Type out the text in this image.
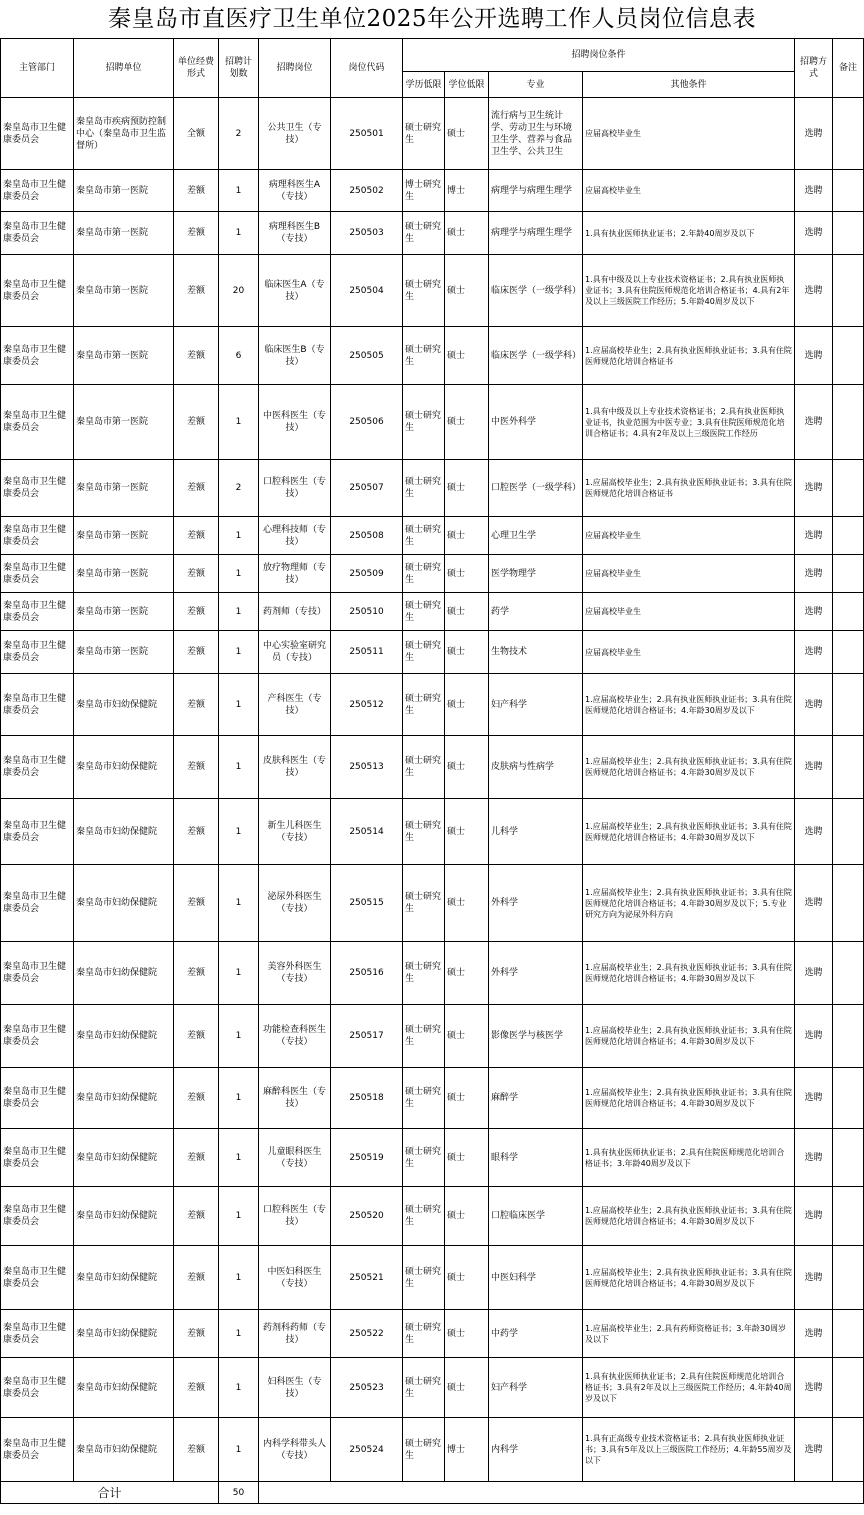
秦皇岛市直医疗卫生单位2025年公开选聘工作人员岗位信息表
主管部门	招聘单位	单位经费形式	招聘计划数	招聘岗位	岗位代码	招聘岗位条件				招聘方式	备注
						学历低限	学位低限	专业	其他条件		
秦皇岛市卫生健康委员会	秦皇岛市疾病预防控制中心（秦皇岛市卫生监督所）	全额	2	公共卫生（专技）	250501	硕士研究生	硕士	流行病与卫生统计学、劳动卫生与环境卫生学、营养与食品卫生学、公共卫生	应届高校毕业生	选聘	
秦皇岛市卫生健康委员会	秦皇岛市第一医院	差额	1	病理科医生A（专技）	250502	博士研究生	博士	病理学与病理生理学	应届高校毕业生	选聘	
秦皇岛市卫生健康委员会	秦皇岛市第一医院	差额	1	病理科医生B（专技）	250503	硕士研究生	硕士	病理学与病理生理学	1.具有执业医师执业证书；2.年龄40周岁及以下	选聘	
秦皇岛市卫生健康委员会	秦皇岛市第一医院	差额	20	临床医生A（专技）	250504	硕士研究生	硕士	临床医学（一级学科）	1.具有中级及以上专业技术资格证书；2.具有执业医师执业证书；3.具有住院医师规范化培训合格证书；4.具有2年及以上三级医院工作经历；5.年龄40周岁及以下	选聘	
秦皇岛市卫生健康委员会	秦皇岛市第一医院	差额	6	临床医生B（专技）	250505	硕士研究生	硕士	临床医学（一级学科）	1.应届高校毕业生；2.具有执业医师执业证书；3.具有住院医师规范化培训合格证书	选聘	
秦皇岛市卫生健康委员会	秦皇岛市第一医院	差额	1	中医科医生（专技）	250506	硕士研究生	硕士	中医外科学	1.具有中级及以上专业技术资格证书；2.具有执业医师执业证书，执业范围为中医专业；3.具有住院医师规范化培训合格证书；4.具有2年及以上三级医院工作经历	选聘	
秦皇岛市卫生健康委员会	秦皇岛市第一医院	差额	2	口腔科医生（专技）	250507	硕士研究生	硕士	口腔医学（一级学科）	1.应届高校毕业生；2.具有执业医师执业证书；3.具有住院医师规范化培训合格证书	选聘	
秦皇岛市卫生健康委员会	秦皇岛市第一医院	差额	1	心理科技师（专技）	250508	硕士研究生	硕士	心理卫生学	应届高校毕业生	选聘	
秦皇岛市卫生健康委员会	秦皇岛市第一医院	差额	1	放疗物理师（专技）	250509	硕士研究生	硕士	医学物理学	应届高校毕业生	选聘	
秦皇岛市卫生健康委员会	秦皇岛市第一医院	差额	1	药剂师（专技）	250510	硕士研究生	硕士	药学	应届高校毕业生	选聘	
秦皇岛市卫生健康委员会	秦皇岛市第一医院	差额	1	中心实验室研究员（专技）	250511	硕士研究生	硕士	生物技术	应届高校毕业生	选聘	
秦皇岛市卫生健康委员会	秦皇岛市妇幼保健院	差额	1	产科医生（专技）	250512	硕士研究生	硕士	妇产科学	1.应届高校毕业生；2.具有执业医师执业证书；3.具有住院医师规范化培训合格证书；4.年龄30周岁及以下	选聘	
秦皇岛市卫生健康委员会	秦皇岛市妇幼保健院	差额	1	皮肤科医生（专技）	250513	硕士研究生	硕士	皮肤病与性病学	1.应届高校毕业生；2.具有执业医师执业证书；3.具有住院医师规范化培训合格证书；4.年龄30周岁及以下	选聘	
秦皇岛市卫生健康委员会	秦皇岛市妇幼保健院	差额	1	新生儿科医生（专技）	250514	硕士研究生	硕士	儿科学	1.应届高校毕业生；2.具有执业医师执业证书；3.具有住院医师规范化培训合格证书；4.年龄30周岁及以下	选聘	
秦皇岛市卫生健康委员会	秦皇岛市妇幼保健院	差额	1	泌尿外科医生（专技）	250515	硕士研究生	硕士	外科学	1.应届高校毕业生；2.具有执业医师执业证书；3.具有住院医师规范化培训合格证书；4.年龄30周岁及以下；5.专业研究方向为泌尿外科方向	选聘	
秦皇岛市卫生健康委员会	秦皇岛市妇幼保健院	差额	1	美容外科医生（专技）	250516	硕士研究生	硕士	外科学	1.应届高校毕业生；2.具有执业医师执业证书；3.具有住院医师规范化培训合格证书；4.年龄30周岁及以下	选聘	
秦皇岛市卫生健康委员会	秦皇岛市妇幼保健院	差额	1	功能检查科医生（专技）	250517	硕士研究生	硕士	影像医学与核医学	1.应届高校毕业生；2.具有执业医师执业证书；3.具有住院医师规范化培训合格证书；4.年龄30周岁及以下	选聘	
秦皇岛市卫生健康委员会	秦皇岛市妇幼保健院	差额	1	麻醉科医生（专技）	250518	硕士研究生	硕士	麻醉学	1.应届高校毕业生；2.具有执业医师执业证书；3.具有住院医师规范化培训合格证书；4.年龄30周岁及以下	选聘	
秦皇岛市卫生健康委员会	秦皇岛市妇幼保健院	差额	1	儿童眼科医生（专技）	250519	硕士研究生	硕士	眼科学	1.具有执业医师执业证书；2.具有住院医师规范化培训合格证书；3.年龄40周岁及以下	选聘	
秦皇岛市卫生健康委员会	秦皇岛市妇幼保健院	差额	1	口腔科医生（专技）	250520	硕士研究生	硕士	口腔临床医学	1.应届高校毕业生；2.具有执业医师执业证书；3.具有住院医师规范化培训合格证书；4.年龄30周岁及以下	选聘	
秦皇岛市卫生健康委员会	秦皇岛市妇幼保健院	差额	1	中医妇科医生（专技）	250521	硕士研究生	硕士	中医妇科学	1.应届高校毕业生；2.具有执业医师执业证书；3.具有住院医师规范化培训合格证书；4.年龄30周岁及以下	选聘	
秦皇岛市卫生健康委员会	秦皇岛市妇幼保健院	差额	1	药剂科药师（专技）	250522	硕士研究生	硕士	中药学	1.应届高校毕业生；2.具有药师资格证书；3.年龄30周岁及以下	选聘	
秦皇岛市卫生健康委员会	秦皇岛市妇幼保健院	差额	1	妇科医生（专技）	250523	硕士研究生	硕士	妇产科学	1.具有执业医师执业证书；2.具有住院医师规范化培训合格证书；3.具有2年及以上三级医院工作经历；4.年龄40周岁及以下	选聘	
秦皇岛市卫生健康委员会	秦皇岛市妇幼保健院	差额	1	内科学科带头人（专技）	250524	硕士研究生	博士	内科学	1.具有正高级专业技术资格证书；2.具有执业医师执业证书；3.具有5年及以上三级医院工作经历；4.年龄55周岁及以下	选聘	
合计			50								
